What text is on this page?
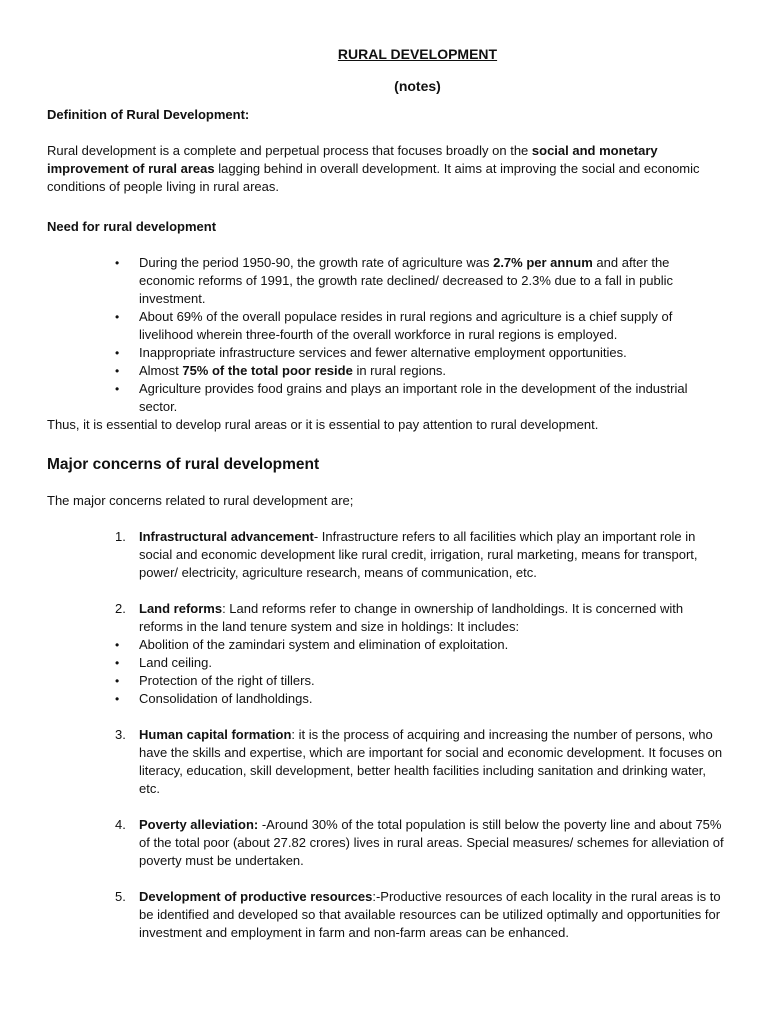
RURAL DEVELOPMENT
(notes)
Definition of Rural Development:

Rural development is a complete and perpetual process that focuses broadly on the social and monetary improvement of rural areas lagging behind in overall development. It aims at improving the social and economic conditions of people living in rural areas.

Need for rural development
• During the period 1950-90, the growth rate of agriculture was 2.7% per annum and after the economic reforms of 1991, the growth rate declined/ decreased to 2.3% due to a fall in public investment.
• About 69% of the overall populace resides in rural regions and agriculture is a chief supply of livelihood wherein three-fourth of the overall workforce in rural regions is employed.
• Inappropriate infrastructure services and fewer alternative employment opportunities.
• Almost 75% of the total poor reside in rural regions.
• Agriculture provides food grains and plays an important role in the development of the industrial sector.

Thus, it is essential to develop rural areas or it is essential to pay attention to rural development.

Major concerns of rural development

The major concerns related to rural development are;

1. Infrastructural advancement- Infrastructure refers to all facilities which play an important role in social and economic development like rural credit, irrigation, rural marketing, means for transport, power/ electricity, agriculture research, means of communication, etc.
2. Land reforms: Land reforms refer to change in ownership of landholdings. It is concerned with reforms in the land tenure system and size in holdings: It includes:
• Abolition of the zamindari system and elimination of exploitation.
• Land ceiling.
• Protection of the right of tillers.
• Consolidation of landholdings.
3. Human capital formation: it is the process of acquiring and increasing the number of persons, who have the skills and expertise, which are important for social and economic development. It focuses on literacy, education, skill development, better health facilities including sanitation and drinking water, etc.
4. Poverty alleviation: -Around 30% of the total population is still below the poverty line and about 75% of the total poor (about 27.82 crores) lives in rural areas. Special measures/ schemes for alleviation of poverty must be undertaken.
5. Development of productive resources:-Productive resources of each locality in the rural areas is to be identified and developed so that available resources can be utilized optimally and opportunities for investment and employment in farm and non-farm areas can be enhanced.
